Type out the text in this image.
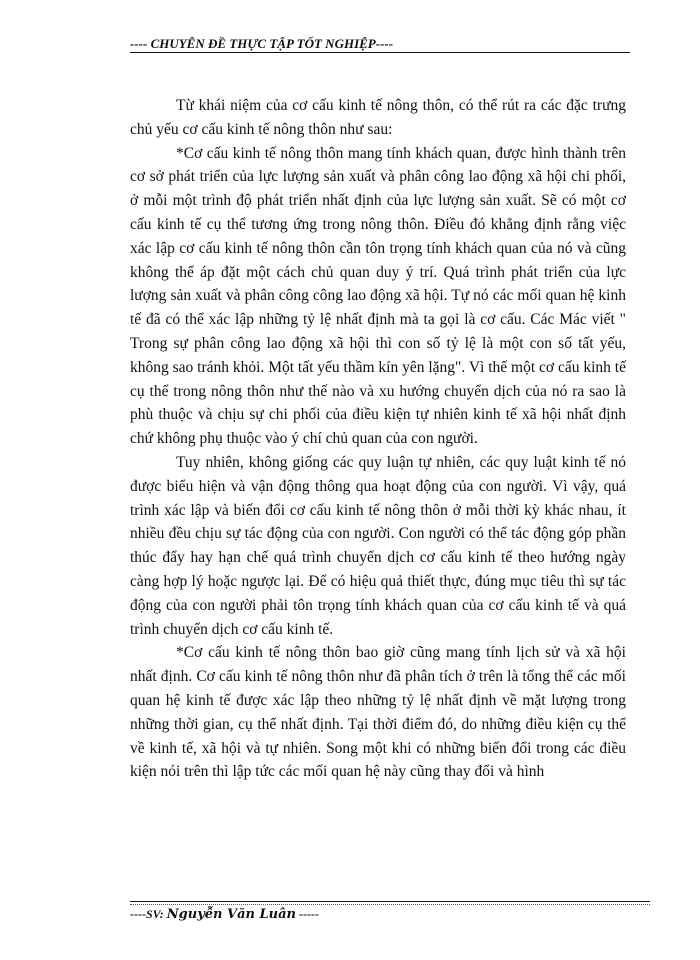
---- CHUYÊN ĐỀ THỰC TẬP TỐT NGHIỆP----

Từ khái niệm của cơ cấu kinh tế nông thôn, có thể rút ra các đặc trưng chủ yếu cơ cấu kinh tế nông thôn như sau:

*Cơ cấu kinh tế nông thôn mang tính khách quan, được hình thành trên cơ sở phát triển của lực lượng sản xuất và phân công lao động xã hội chi phối, ở mỗi một trình độ phát triển nhất định của lực lượng sản xuất. Sẽ có một cơ cấu kinh tế cụ thể tương ứng trong nông thôn. Điều đó khẳng định rằng việc xác lập cơ cấu kinh tế nông thôn cần tôn trọng tính khách quan của nó và cũng không thể áp đặt một cách chủ quan duy ý trí. Quá trình phát triển của lực lượng sản xuất và phân công công lao động xã hội. Tự nó các mối quan hệ kinh tế đã có thể xác lập những tỷ lệ nhất định mà ta gọi là cơ cấu. Các Mác viết " Trong sự phân công lao động xã hội thì con số tỷ lệ là một con số tất yếu, không sao tránh khỏi. Một tất yếu thầm kín yên lặng". Vì thế một cơ cấu kinh tế cụ thể trong nông thôn như thế nào và xu hướng chuyển dịch của nó ra sao là phù thuộc và chịu sự chi phối của điều kiện tự nhiên kinh tế xã hội nhất định chứ không phụ thuộc vào ý chí chủ quan của con người.

Tuy nhiên, không giống các quy luận tự nhiên, các quy luật kinh tế nó được biểu hiện và vận động thông qua hoạt động của con người. Vì vậy, quá trình xác lập và biến đổi cơ cấu kinh tế nông thôn ở mỗi thời kỳ khác nhau, ít nhiều đều chịu sự tác động của con người. Con người có thể tác động góp phần thúc đẩy hay hạn chế quá trình chuyển dịch cơ cấu kinh tế theo hướng ngày càng hợp lý hoặc ngược lại. Để có hiệu quả thiết thực, đúng mục tiêu thì sự tác động của con người phải tôn trọng tính khách quan của cơ cấu kinh tế và quá trình chuyển dịch cơ cấu kinh tế.

*Cơ cấu kinh tế nông thôn bao giờ cũng mang tính lịch sử và xã hội nhất định. Cơ cấu kinh tế nông thôn như đã phân tích ở trên là tổng thể các mối quan hệ kinh tế được xác lập theo những tỷ lệ nhất định về mặt lượng trong những thời gian, cụ thể nhất định. Tại thời điểm đó, do những điều kiện cụ thể về kinh tế, xã hội và tự nhiên. Song một khi có những biến đổi trong các điều kiện nói trên thì lập tức các mối quan hệ này cũng thay đổi và hình

----SV: Nguyễn Văn Luân -----
